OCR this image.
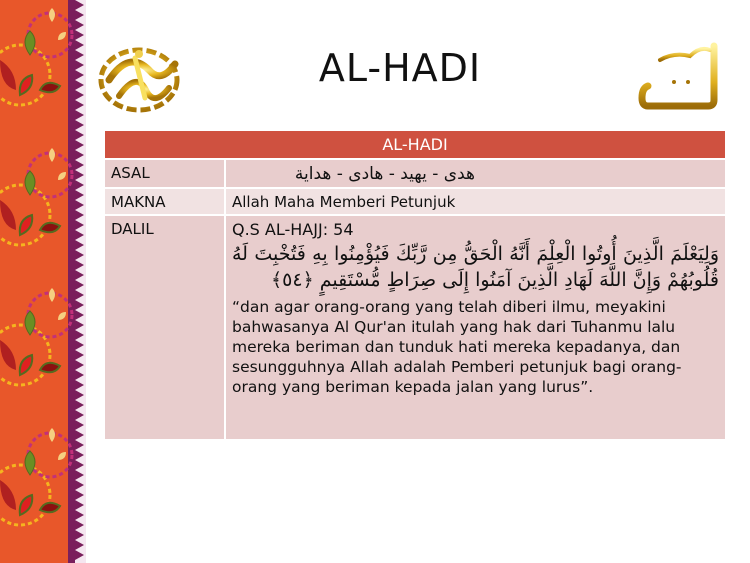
AL-HADI
AL-HADI	
ASAL	هدى - يهيد - هادى - هداية
MAKNA	Allah Maha Memberi Petunjuk
DALIL	Q.S AL-HAJJ: 54
وَلِيَعْلَمَ الَّذِينَ أُوتُوا الْعِلْمَ أَنَّهُ الْحَقُّ مِن رَّبِّكَ فَيُؤْمِنُوا بِهِ فَتُخْبِتَ لَهُ قُلُوبُهُمْ وَإِنَّ اللَّهَ لَهَادِ الَّذِينَ آمَنُوا إِلَى صِرَاطٍ مُّسْتَقِيمٍ ﴿٥٤﴾
“dan agar orang-orang yang telah diberi ilmu, meyakini bahwasanya Al Qur'an itulah yang hak dari Tuhanmu lalu mereka beriman dan tunduk hati mereka kepadanya, dan sesungguhnya Allah adalah Pemberi petunjuk bagi orang-orang yang beriman kepada jalan yang lurus”.
